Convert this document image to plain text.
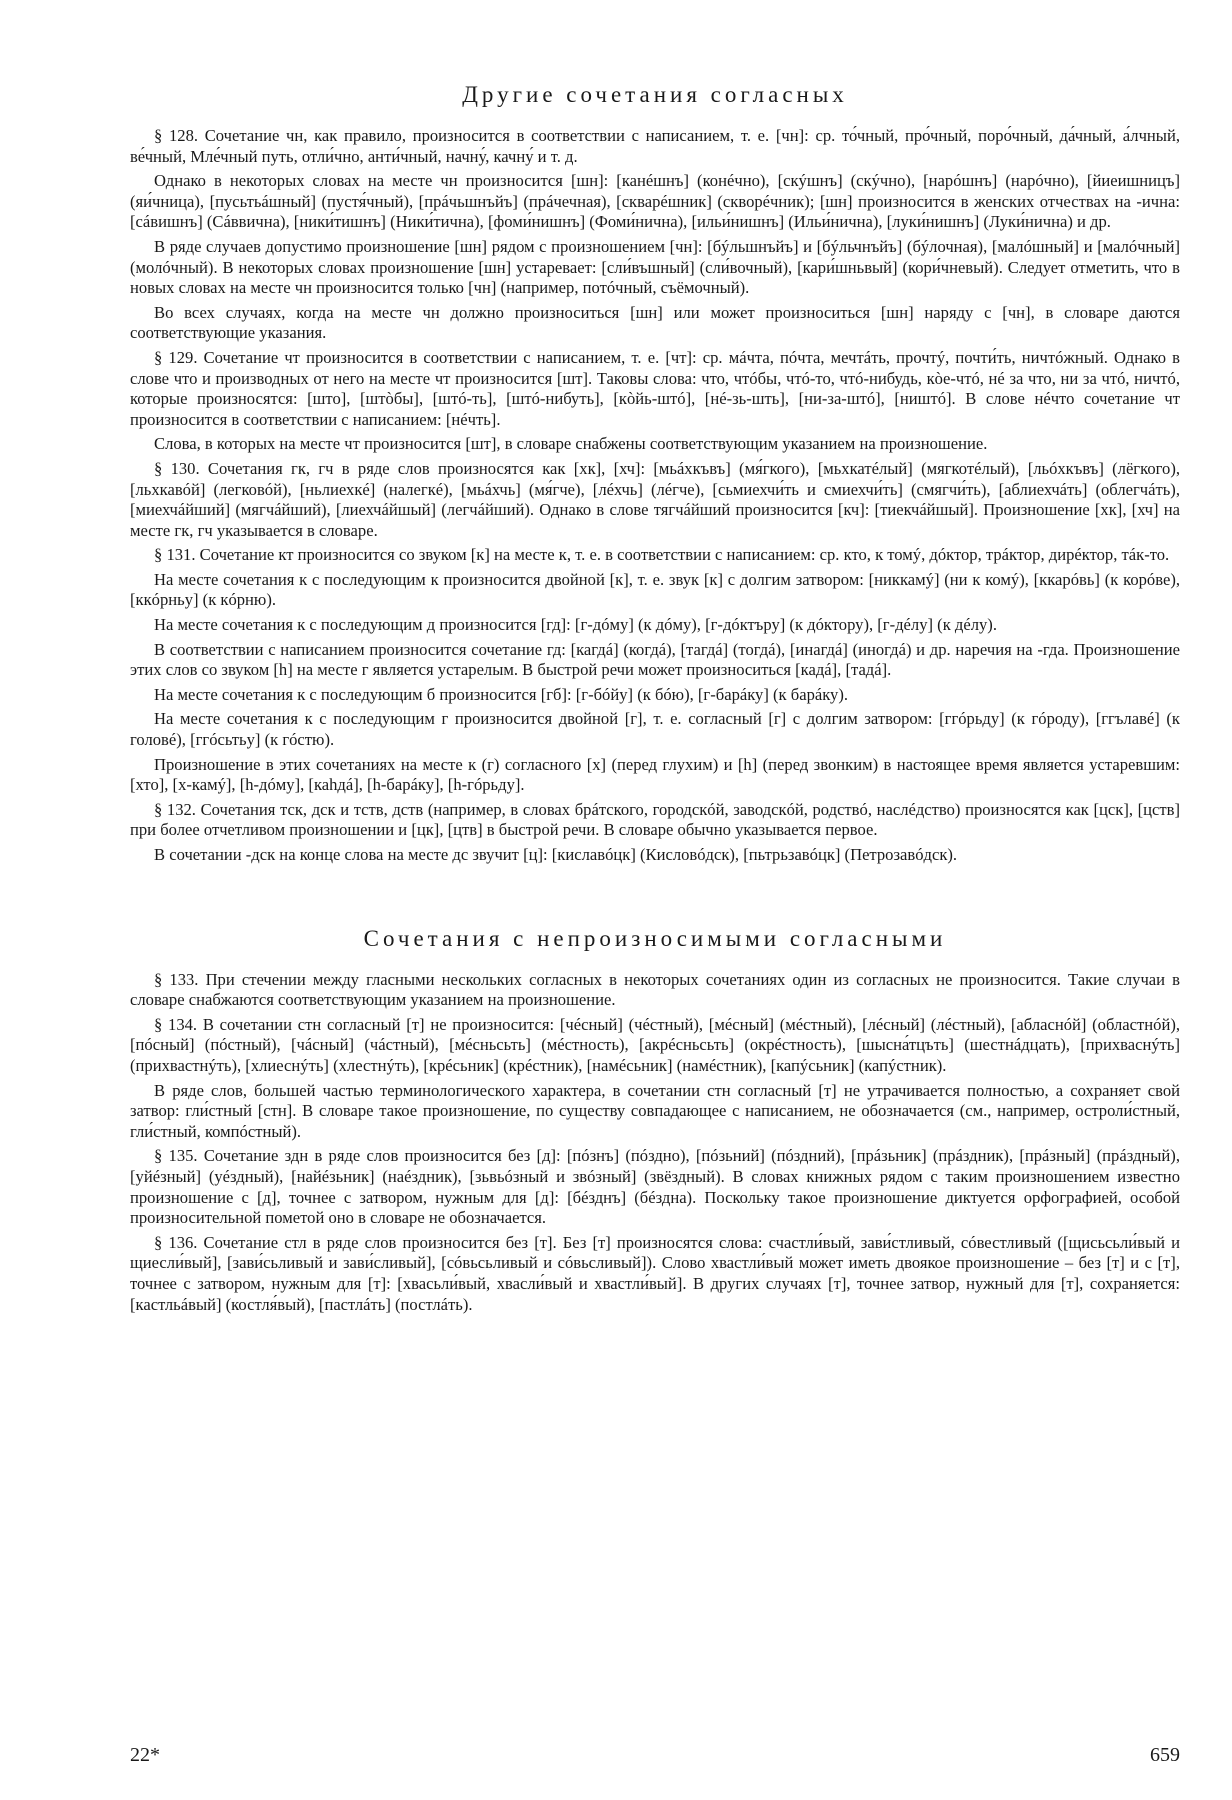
Другие сочетания согласных

§ 128. Сочетание чн, как правило, произносится в соответствии с написанием, т. е. [чн]: ср. то́чный, про́чный, поро́чный, да́чный, а́лчный, ве́чный, Мле́чный путь, отли́чно, анти́чный, начну́, качну́ и т. д.

Однако в некоторых словах на месте чн произносится [шн]: [канéшнъ] (конéчно), [скýшнъ] (скýчно), [нарóшнъ] (нарóчно), [йиеишницъ] (яи́чница), [пусьтьáшный] (пустя́чный), [прáчьшнъйъ] (прáчечная), [скварéшник] (скворéчник); [шн] произносится в женских отчествах на -ична: [сáвишнъ] (Сáввична), [ники́тишнъ] (Ники́тична), [фоми́нишнъ] (Фоми́нична), [ильи́нишнъ] (Ильи́нична), [луки́нишнъ] (Луки́нична) и др.

В ряде случаев допустимо произношение [шн] рядом с произношением [чн]: [бýльшнъйъ] и [бýльчнъйъ] (бýлочная), [малóшный] и [малóчный] (молóчный). В некоторых словах произношение [шн] устаревает: [сли́въшный] (сли́вочный), [кари́шньвый] (кори́чневый). Следует отметить, что в новых словах на месте чн произносится только [чн] (например, потóчный, съёмочный).

Во всех случаях, когда на месте чн должно произноситься [шн] или может произноситься [шн] наряду с [чн], в словаре даются соответствующие указания.

§ 129. Сочетание чт произносится в соответствии с написанием, т. е. [чт]: ср. мáчта, пóчта, мечтáть, прочтý, почти́ть, ничтóжный. Однако в слове что и производных от него на месте чт произносится [шт]. Таковы слова: что, чтóбы, чтó-то, чтó-нибудь, кòе-чтó, нé за что, ни за чтó, ничтó, которые произносятся: [што], [штòбы], [штó-ть], [штó-нибуть], [кòйь-штó], [нé-зь-шть], [ни-за-штó], [ништó]. В слове нéчто сочетание чт произносится в соответствии с написанием: [нéчть].

Слова, в которых на месте чт произносится [шт], в словаре снабжены соответствующим указанием на произношение.

§ 130. Сочетания гк, гч в ряде слов произносятся как [хк], [хч]: [мьáхкъвъ] (мя́гкого), [мьхкатéлый] (мягкотéлый), [льóхкъвъ] (лёгкого), [льхкавóй] (легковóй), [ньлиехкé] (налегкé), [мьáхчь] (мя́гче), [лéхчь] (лéгче), [сьмиехчи́ть и смиехчи́ть] (смягчи́ть), [аблиехчáть] (облегчáть), [миехчáйший] (мягчáйший), [лиехчáйшый] (легчáйший). Однако в слове тягчáйший произносится [кч]: [тиекчáйшый]. Произношение [хк], [хч] на месте гк, гч указывается в словаре.

§ 131. Сочетание кт произносится со звуком [к] на месте к, т. е. в соответствии с написанием: ср. кто, к томý, дóктор, трáктор, дирéктор, тáк-то.

На месте сочетания к с последующим к произносится двойной [к], т. е. звук [к] с долгим затвором: [никкамý] (ни к комý), [ккарóвь] (к корóве), [ккóрньу] (к кóрню).

На месте сочетания к с последующим д произносится [гд]: [г-дóму] (к дóму), [г-дóктъру] (к дóктору), [г-дéлу] (к дéлу).

В соответствии с написанием произносится сочетание гд: [кагдá] (когдá), [тагдá] (тогдá), [инагдá] (инoгдá) и др. наречия на -гда. Произношение этих слов со звуком [h] на месте г является устарелым. В быстрой речи может произноситься [кадá], [тадá].

На месте сочетания к с последующим б произносится [гб]: [г-бóйу] (к бóю), [г-барáку] (к барáку).

На месте сочетания к с последующим г произносится двойной [г], т. е. согласный [г] с долгим затвором: [ггóрьду] (к гóроду), [ггълавé] (к головé), [ггóсьтьу] (к гóстю).

Произношение в этих сочетаниях на месте к (г) согласного [х] (перед глухим) и [h] (перед звонким) в настоящее время является устаревшим: [хто], [х-камý], [h-дóму], [каhдá], [h-барáку], [h-гóрьду].

§ 132. Сочетания тск, дск и тств, дств (например, в словах брáтского, городскóй, заводскóй, родствó, наслéдство) произносятся как [цск], [цств] при более отчетливом произношении и [цк], [цтв] в быстрой речи. В словаре обычно указывается первое.

В сочетании -дск на конце слова на месте дс звучит [ц]: [киславóцк] (Кисловóдск), [пьтрьзавóцк] (Петрозавóдск).

Сочетания с непроизносимыми согласными

§ 133. При стечении между гласными нескольких согласных в некоторых сочетаниях один из согласных не произносится. Такие случаи в словаре снабжаются соответствующим указанием на произношение.

§ 134. В сочетании стн согласный [т] не произносится: [чéсный] (чéстный), [мéсный] (мéстный), [лéсный] (лéстный), [абласнóй] (областнóй), [пóсный] (пóстный), [чáсный] (чáстный), [мéсньсьть] (мéстность), [акрéсньсьть] (окрéстность), [шысна́тцъть] (шестнáдцать), [прихваснýть] (прихвастнýть), [хлиеснýть] (хлестнýть), [крéсьник] (крéстник), [намéсьник] (намéстник), [капýсьник] (капýстник).

В ряде слов, большей частью терминологического характера, в сочетании стн согласный [т] не утрачивается полностью, а сохраняет свой затвор: гли́стный [стн]. В словаре такое произношение, по существу совпадающее с написанием, не обозначается (см., например, остроли́стный, гли́стный, компóстный).

§ 135. Сочетание здн в ряде слов произносится без [д]: [пóзнъ] (пóздно), [пóзьний] (пóздний), [прáзьник] (прáздник), [прáзный] (прáздный), [уйéзный] (уéздный), [найéзьник] (наéздник), [зьвьóзный и звóзный] (звёздный). В словах книжных рядом с таким произношением известно произношение с [д], точнее с затвором, нужным для [д]: [бéзднъ] (бéздна). Поскольку такое произношение диктуется орфографией, особой произносительной пометой оно в словаре не обозначается.

§ 136. Сочетание стл в ряде слов произносится без [т]. Без [т] произносятся слова: счастли́вый, зави́стливый, сóвестливый ([щисьсьли́вый и щиесли́вый], [зави́сьливый и зави́сливый], [сóвьсьливый и сóвьсливый]). Слово хвастли́вый может иметь двоякое произношение – без [т] и с [т], точнее с затвором, нужным для [т]: [хвасьли́вый, хвасли́вый и хвастли́вый]. В других случаях [т], точнее затвор, нужный для [т], сохраняется: [кастльáвый] (костля́вый), [пастлáть] (постлáть).

22*	659
